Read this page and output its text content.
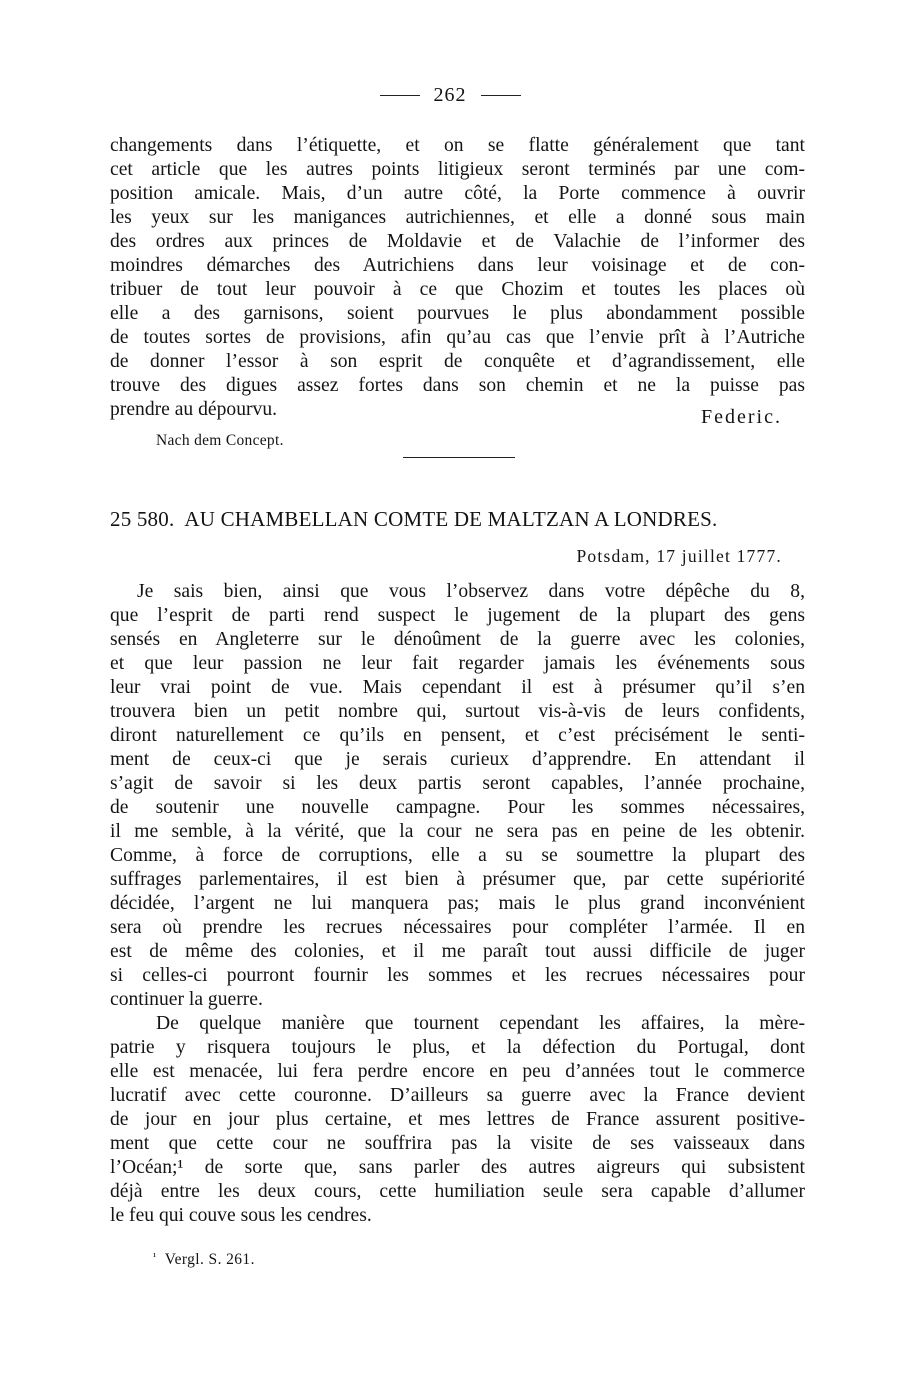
262
changements dans l’étiquette, et on se flatte généralement que tant
cet article que les autres points litigieux seront terminés par une com-
position amicale. Mais, d’un autre côté, la Porte commence à ouvrir
les yeux sur les manigances autrichiennes, et elle a donné sous main
des ordres aux princes de Moldavie et de Valachie de l’informer des
moindres démarches des Autrichiens dans leur voisinage et de con-
tribuer de tout leur pouvoir à ce que Chozim et toutes les places où
elle a des garnisons, soient pourvues le plus abondamment possible
de toutes sortes de provisions, afin qu’au cas que l’envie prît à l’Autriche
de donner l’essor à son esprit de conquête et d’agrandissement, elle
trouve des digues assez fortes dans son chemin et ne la puisse pas
prendre au dépourvu.	Federic.
Nach dem Concept.
25 580. AU CHAMBELLAN COMTE DE MALTZAN A LONDRES.
Potsdam, 17 juillet 1777.
Je sais bien, ainsi que vous l’observez dans votre dépêche du 8,
que l’esprit de parti rend suspect le jugement de la plupart des gens
sensés en Angleterre sur le dénoûment de la guerre avec les colonies,
et que leur passion ne leur fait regarder jamais les événements sous
leur vrai point de vue. Mais cependant il est à présumer qu’il s’en
trouvera bien un petit nombre qui, surtout vis-à-vis de leurs confidents,
diront naturellement ce qu’ils en pensent, et c’est précisément le senti-
ment de ceux-ci que je serais curieux d’apprendre. En attendant il
s’agit de savoir si les deux partis seront capables, l’année prochaine,
de soutenir une nouvelle campagne. Pour les sommes nécessaires,
il me semble, à la vérité, que la cour ne sera pas en peine de les obtenir.
Comme, à force de corruptions, elle a su se soumettre la plupart des
suffrages parlementaires, il est bien à présumer que, par cette supériorité
décidée, l’argent ne lui manquera pas; mais le plus grand inconvénient
sera où prendre les recrues nécessaires pour compléter l’armée. Il en
est de même des colonies, et il me paraît tout aussi difficile de juger
si celles-ci pourront fournir les sommes et les recrues nécessaires pour
continuer la guerre.
De quelque manière que tournent cependant les affaires, la mère-
patrie y risquera toujours le plus, et la défection du Portugal, dont
elle est menacée, lui fera perdre encore en peu d’années tout le commerce
lucratif avec cette couronne. D’ailleurs sa guerre avec la France devient
de jour en jour plus certaine, et mes lettres de France assurent positive-
ment que cette cour ne souffrira pas la visite de ses vaisseaux dans
l’Océan;¹ de sorte que, sans parler des autres aigreurs qui subsistent
déjà entre les deux cours, cette humiliation seule sera capable d’allumer
le feu qui couve sous les cendres.
$^{^1}$ Vergl. S. 261.
